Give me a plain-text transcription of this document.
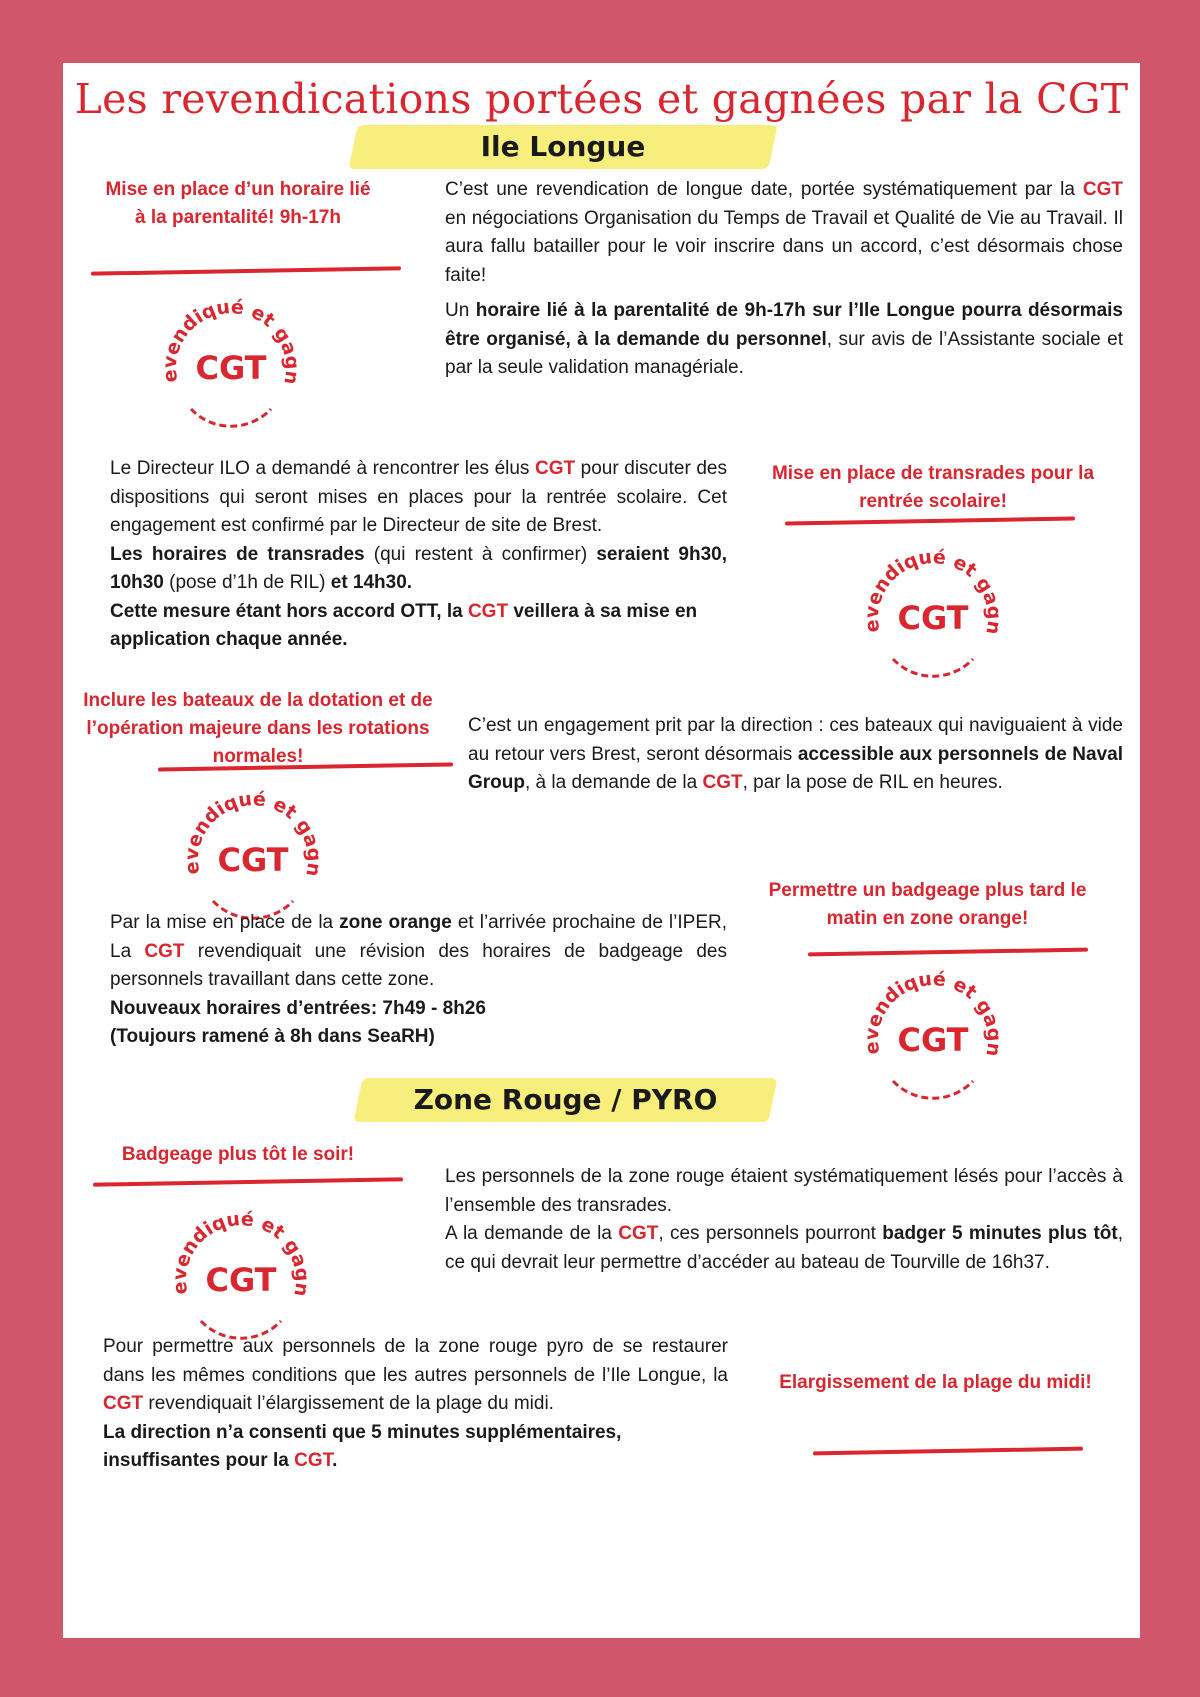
Les revendications portées et gagnées par la CGT
Ile Longue
Mise en place d’un horaire lié à la parentalité! 9h-17h
evendiqué et gagn
CGT

C’est une revendication de longue date, portée systématiquement par la CGT en négociations Organisation du Temps de Travail et Qualité de Vie au Travail. Il aura fallu batailler pour le voir inscrire dans un accord, c’est désormais chose faite!

Un horaire lié à la parentalité de 9h-17h sur l’Ile Longue pourra désormais être organisé, à la demande du personnel, sur avis de l’Assistante sociale et par la seule validation managériale.

Le Directeur ILO a demandé à rencontrer les élus CGT pour discuter des dispositions qui seront mises en places pour la rentrée scolaire. Cet engagement est confirmé par le Directeur de site de Brest.

Les horaires de transrades (qui restent à confirmer) seraient 9h30, 10h30 (pose d’1h de RIL) et 14h30.

Cette mesure étant hors accord OTT, la CGT veillera à sa mise en application chaque année.

Mise en place de transrades pour la rentrée scolaire!
evendiqué et gagn
CGT
Inclure les bateaux de la dotation et de l’opération majeure dans les rotations normales!
evendiqué et gagn
CGT

C’est un engagement prit par la direction : ces bateaux qui naviguaient à vide au retour vers Brest, seront désormais accessible aux personnels de Naval Group, à la demande de la CGT, par la pose de RIL en heures.

Permettre un badgeage plus tard le matin en zone orange!
evendiqué et gagn
CGT

Par la mise en place de la zone orange et l’arrivée prochaine de l’IPER, La CGT revendiquait une révision des horaires de badgeage des personnels travaillant dans cette zone.

Nouveaux horaires d’entrées: 7h49 - 8h26

(Toujours ramené à 8h dans SeaRH)

Zone Rouge / PYRO
Badgeage plus tôt le soir!
evendiqué et gagn
CGT

Les personnels de la zone rouge étaient systématiquement lésés pour l’accès à l’ensemble des transrades.

A la demande de la CGT, ces personnels pourront badger 5 minutes plus tôt, ce qui devrait leur permettre d’accéder au bateau de Tourville de 16h37.

Pour permettre aux personnels de la zone rouge pyro de se restaurer dans les mêmes conditions que les autres personnels de l’Ile Longue, la CGT revendiquait l’élargissement de la plage du midi.

La direction n’a consenti que 5 minutes supplémentaires, insuffisantes pour la CGT.

Elargissement de la plage du midi!
